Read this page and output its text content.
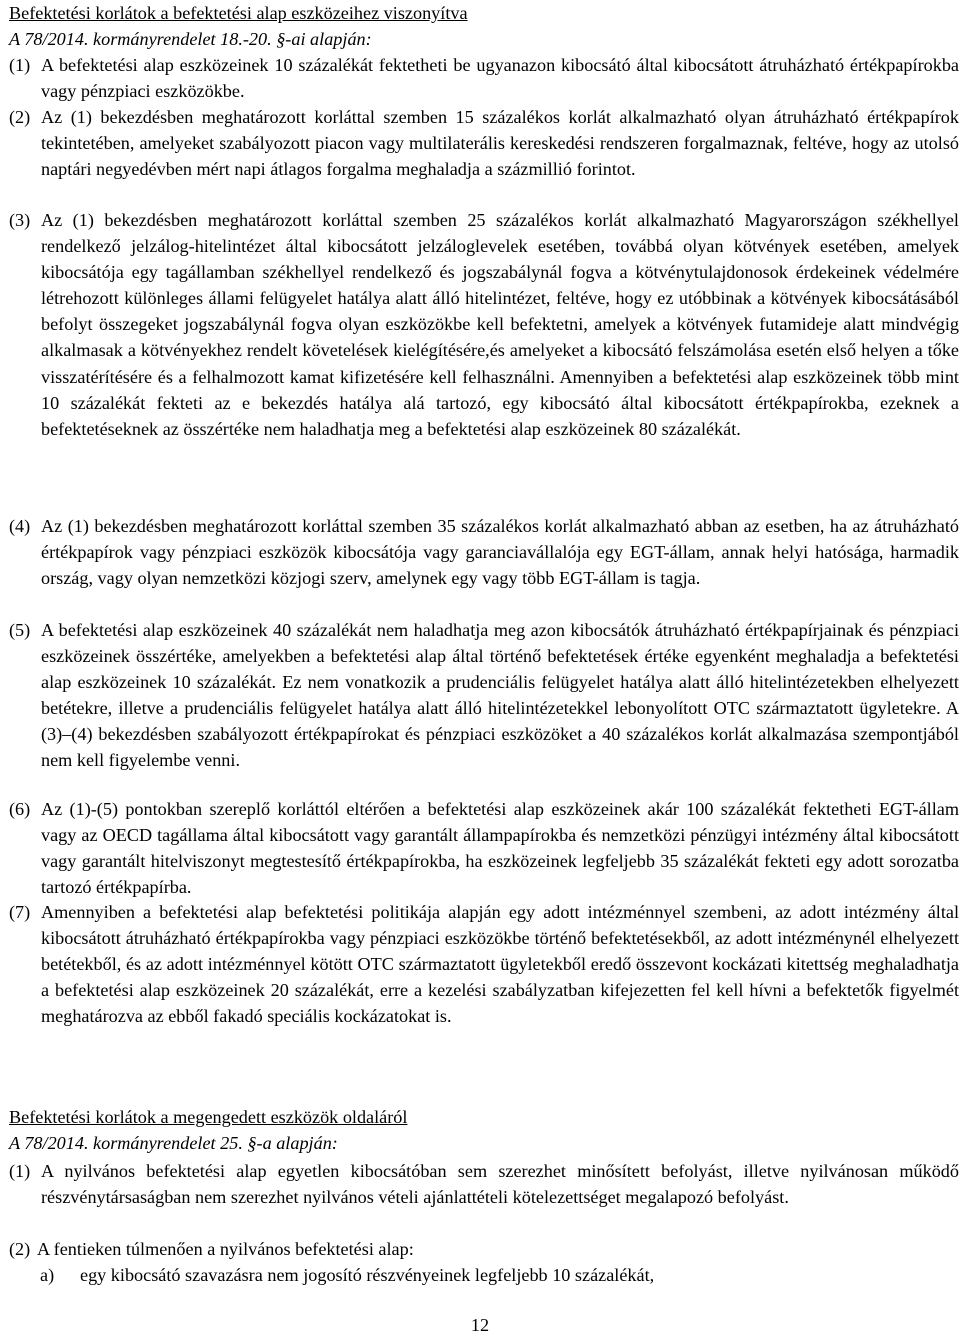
Befektetési korlátok a befektetési alap eszközeihez viszonyítva
A 78/2014. kormányrendelet 18.-20. §-ai alapján:
(1) A befektetési alap eszközeinek 10 százalékát fektetheti be ugyanazon kibocsátó által kibocsátott átruházható értékpapírokba vagy pénzpiaci eszközökbe.
(2) Az (1) bekezdésben meghatározott korláttal szemben 15 százalékos korlát alkalmazható olyan átruházható értékpapírok tekintetében, amelyeket szabályozott piacon vagy multilaterális kereskedési rendszeren forgalmaznak, feltéve, hogy az utolsó naptári negyedévben mért napi átlagos forgalma meghaladja a százmillió forintot.
(3) Az (1) bekezdésben meghatározott korláttal szemben 25 százalékos korlát alkalmazható Magyarországon székhellyel rendelkező jelzálog-hitelintézet által kibocsátott jelzáloglevelek esetében, továbbá olyan kötvények esetében, amelyek kibocsátója egy tagállamban székhellyel rendelkező és jogszabálynál fogva a kötvénytulajdonosok érdekeinek védelmére létrehozott különleges állami felügyelet hatálya alatt álló hitelintézet, feltéve, hogy ez utóbbinak a kötvények kibocsátásából befolyt összegeket jogszabálynál fogva olyan eszközökbe kell befektetni, amelyek a kötvények futamideje alatt mindvégig alkalmasak a kötvényekhez rendelt követelések kielégítésére,és amelyeket a kibocsátó felszámolása esetén első helyen a tőke visszatérítésére és a felhalmozott kamat kifizetésére kell felhasználni. Amennyiben a befektetési alap eszközeinek több mint 10 százalékát fekteti az e bekezdés hatálya alá tartozó, egy kibocsátó által kibocsátott értékpapírokba, ezeknek a befektetéseknek az összértéke nem haladhatja meg a befektetési alap eszközeinek 80 százalékát.
(4) Az (1) bekezdésben meghatározott korláttal szemben 35 százalékos korlát alkalmazható abban az esetben, ha az átruházható értékpapírok vagy pénzpiaci eszközök kibocsátója vagy garanciavállalója egy EGT-állam, annak helyi hatósága, harmadik ország, vagy olyan nemzetközi közjogi szerv, amelynek egy vagy több EGT-állam is tagja.
(5) A befektetési alap eszközeinek 40 százalékát nem haladhatja meg azon kibocsátók átruházható értékpapírjainak és pénzpiaci eszközeinek összértéke, amelyekben a befektetési alap által történő befektetések értéke egyenként meghaladja a befektetési alap eszközeinek 10 százalékát. Ez nem vonatkozik a prudenciális felügyelet hatálya alatt álló hitelintézetekben elhelyezett betétekre, illetve a prudenciális felügyelet hatálya alatt álló hitelintézetekkel lebonyolított OTC származtatott ügyletekre. A (3)–(4) bekezdésben szabályozott értékpapírokat és pénzpiaci eszközöket a 40 százalékos korlát alkalmazása szempontjából nem kell figyelembe venni.
(6) Az (1)-(5) pontokban szereplő korláttól eltérően a befektetési alap eszközeinek akár 100 százalékát fektetheti EGT-állam vagy az OECD tagállama által kibocsátott vagy garantált állampapírokba és nemzetközi pénzügyi intézmény által kibocsátott vagy garantált hitelviszonyt megtestesítő értékpapírokba, ha eszközeinek legfeljebb 35 százalékát fekteti egy adott sorozatba tartozó értékpapírba.
(7) Amennyiben a befektetési alap befektetési politikája alapján egy adott intézménnyel szembeni, az adott intézmény által kibocsátott átruházható értékpapírokba vagy pénzpiaci eszközökbe történő befektetésekből, az adott intézménynél elhelyezett betétekből, és az adott intézménnyel kötött OTC származtatott ügyletekből eredő összevont kockázati kitettség meghaladhatja a befektetési alap eszközeinek 20 százalékát, erre a kezelési szabályzatban kifejezetten fel kell hívni a befektetők figyelmét meghatározva az ebből fakadó speciális kockázatokat is.
Befektetési korlátok a megengedett eszközök oldaláról
A 78/2014. kormányrendelet 25. §-a alapján:
(1) A nyilvános befektetési alap egyetlen kibocsátóban sem szerezhet minősített befolyást, illetve nyilvánosan működő részvénytársaságban nem szerezhet nyilvános vételi ajánlattételi kötelezettséget megalapozó befolyást.
(2) A fentieken túlmenően a nyilvános befektetési alap:
a)	egy kibocsátó szavazásra nem jogosító részvényeinek legfeljebb 10 százalékát,
12
